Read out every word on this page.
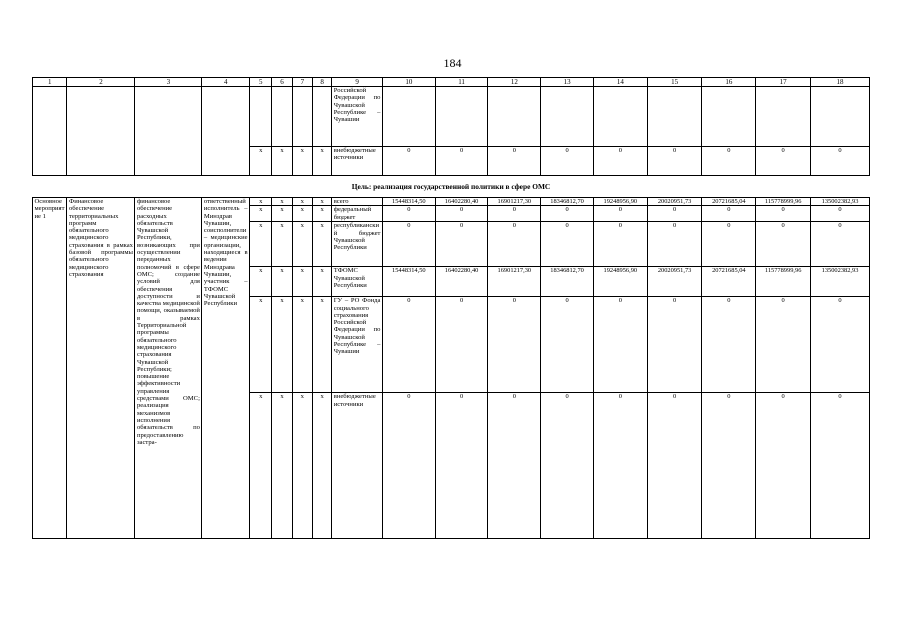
184
1	2	3	4	5	6	7	8	9	10	11	12	13	14	15	16	17	18
								Российской Федерации по Чувашской Республике – Чувашии									
				х	х	х	х	внебюджетные источники	0	0	0	0	0	0	0	0	0
Цель: реализация государственной политики в сфере ОМС																	
Основное мероприятие 1	Финансовое обеспечение территориальных программ обязательного медицинского страхования в рамках базовой программы обязательного медицинского страхования	финансовое обеспечение расходных обязательств Чувашской Республики, возникающих при осуществлении переданных полномочий в сфере ОМС; создание условий для обеспечения доступности и качества медицинской помощи, оказываемой в рамках Территориальной программы обязательного медицинского страхования Чувашской Республики; повышение эффективности управления средствами ОМС; реализация механизмов исполнения обязательств по предоставлению застра-	ответственный исполнитель – Минздрав Чувашии, соисполнители – медицинские организации, находящиеся в ведении Минздрава Чувашии, участник – ТФОМС Чувашской Республики	х	х	х	х	всего	15448314,50	16402280,40	16901217,30	18346812,70	19248956,90	20020951,73	20721685,04	115778999,96	135002382,93
				х	х	х	х	федеральный бюджет	0	0	0	0	0	0	0	0	0
				х	х	х	х	республиканский бюджет Чувашской Республики	0	0	0	0	0	0	0	0	0
				х	х	х	х	ТФОМС Чувашской Республики	15448314,50	16402280,40	16901217,30	18346812,70	19248956,90	20020951,73	20721685,04	115778999,96	135002382,93
				х	х	х	х	ГУ – РО Фонда социального страхования Российской Федерации по Чувашской Республике – Чувашии	0	0	0	0	0	0	0	0	0
				х	х	х	х	внебюджетные источники	0	0	0	0	0	0	0	0	0
